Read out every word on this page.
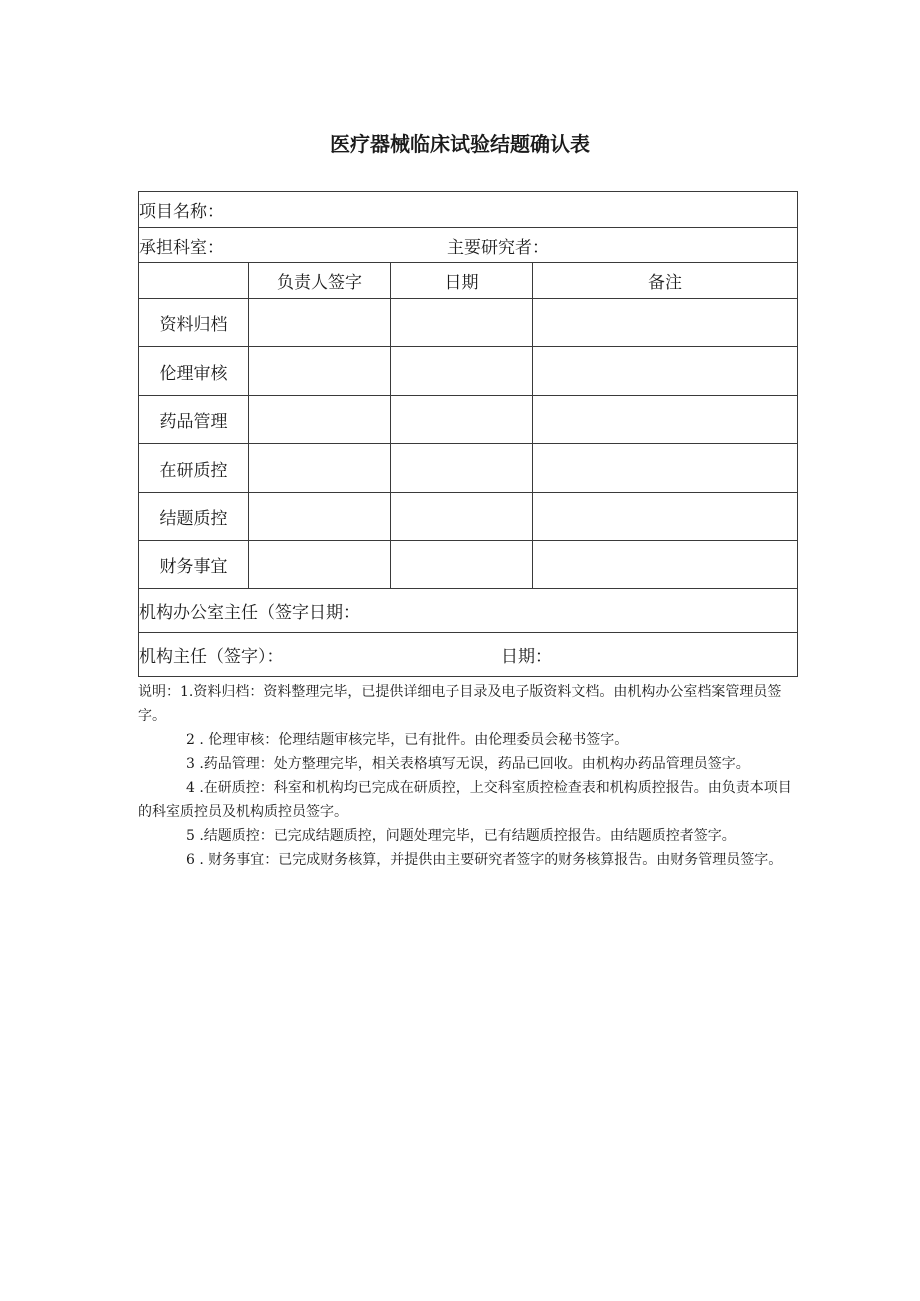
医疗器械临床试验结题确认表
项目名称：			

承担科室： 主要研究者：			

	负责人签字	日期	备注
资料归档			
伦理审核			
药品管理			
在研质控			
结题质控			
财务事宜			
机构办公室主任（签字日期：			

机构主任（签字）： 日期：			

说明：1.资料归档：资料整理完毕，已提供详细电子目录及电子版资料文档。由机构办公室档案管理员签字。

2 . 伦理审核：伦理结题审核完毕，已有批件。由伦理委员会秘书签字。

3 .药品管理：处方整理完毕，相关表格填写无误，药品已回收。由机构办药品管理员签字。

4 .在研质控：科室和机构均已完成在研质控，上交科室质控检查表和机构质控报告。由负责本项目的科室质控员及机构质控员签字。

5 .结题质控：已完成结题质控，问题处理完毕，已有结题质控报告。由结题质控者签字。

6 . 财务事宜：已完成财务核算，并提供由主要研究者签字的财务核算报告。由财务管理员签字。
